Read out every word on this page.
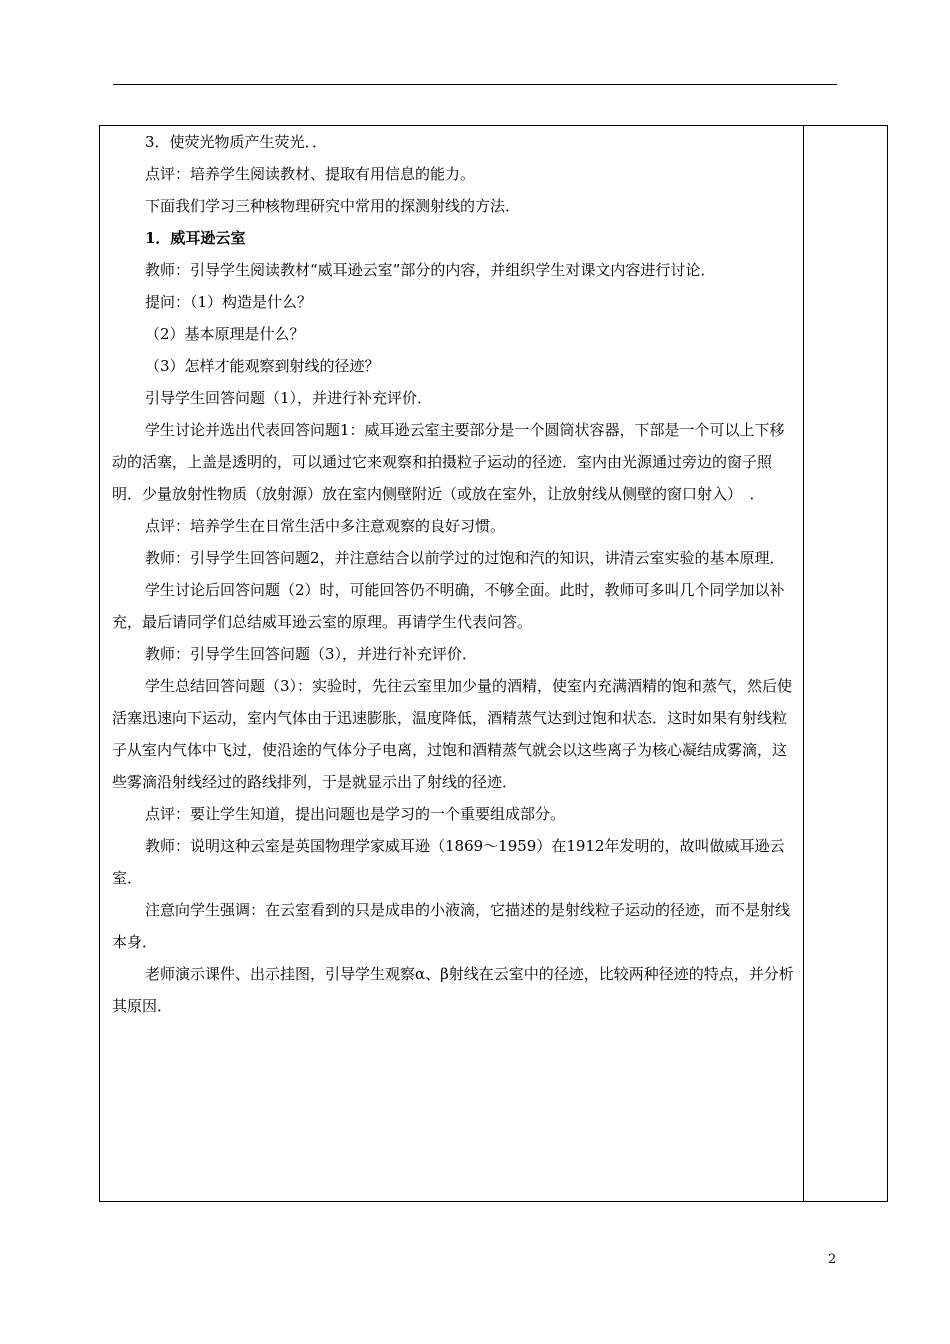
3．使荧光物质产生荧光．．

点评：培养学生阅读教材、提取有用信息的能力。

下面我们学习三种核物理研究中常用的探测射线的方法．

1．威耳逊云室

教师：引导学生阅读教材“威耳逊云室”部分的内容，并组织学生对课文内容进行讨论．

提问：（1）构造是什么？

（2）基本原理是什么？

（3）怎样才能观察到射线的径迹？

引导学生回答问题（1），并进行补充评价．

学生讨论并选出代表回答问题1：威耳逊云室主要部分是一个圆筒状容器，下部是一个可以上下移动的活塞，上盖是透明的，可以通过它来观察和拍摄粒子运动的径迹．室内由光源通过旁边的窗子照明．少量放射性物质（放射源）放在室内侧壁附近（或放在室外，让放射线从侧壁的窗口射入）　．

点评：培养学生在日常生活中多注意观察的良好习惯。

教师：引导学生回答问题2，并注意结合以前学过的过饱和汽的知识，讲清云室实验的基本原理．

学生讨论后回答问题（2）时，可能回答仍不明确，不够全面。此时，教师可多叫几个同学加以补充，最后请同学们总结威耳逊云室的原理。再请学生代表问答。

教师：引导学生回答问题（3），并进行补充评价．

学生总结回答问题（3）：实验时，先往云室里加少量的酒精，使室内充满酒精的饱和蒸气，然后使活塞迅速向下运动，室内气体由于迅速膨胀，温度降低，酒精蒸气达到过饱和状态．这时如果有射线粒子从室内气体中飞过，使沿途的气体分子电离，过饱和酒精蒸气就会以这些离子为核心凝结成雾滴，这些雾滴沿射线经过的路线排列，于是就显示出了射线的径迹．

点评：要让学生知道，提出问题也是学习的一个重要组成部分。

教师：说明这种云室是英国物理学家威耳逊（1869～1959）在1912年发明的，故叫做威耳逊云室．

注意向学生强调：在云室看到的只是成串的小液滴，它描述的是射线粒子运动的径迹，而不是射线本身．

老师演示课件、出示挂图，引导学生观察α、β射线在云室中的径迹，比较两种径迹的特点，并分析其原因．

2
